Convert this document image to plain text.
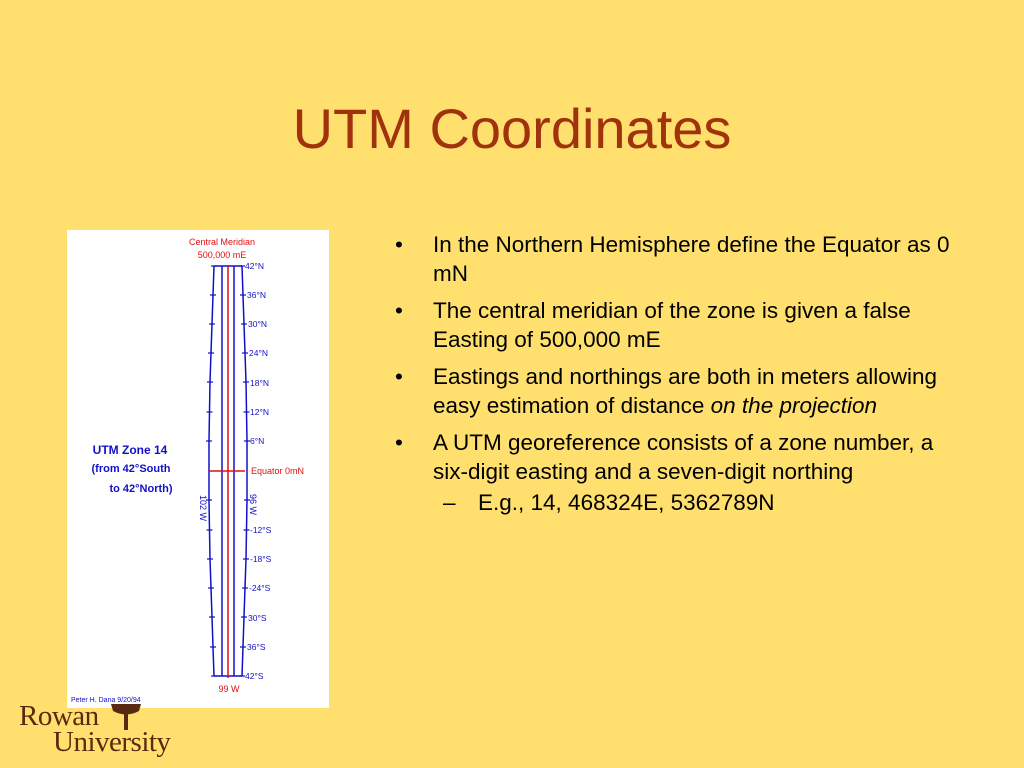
UTM Coordinates
Central Meridian
500,000 mE
Equator 0mN
42°N
36°N
30°N
24°N
18°N
12°N
6°N
-12°S
-18°S
-24°S
30°S
36°S
42°S
UTM Zone 14
(from 42°South
to 42°North)
102 W	96 W
99 W
Peter H. Dana 9/20/94
• In the Northern Hemisphere define the Equator as 0 mN
• The central meridian of the zone is given a false Easting of 500,000 mE
• Eastings and northings are both in meters allowing easy estimation of distance on the projection
• A UTM georeference consists of a zone number, a six-digit easting and a seven-digit northing
– E.g., 14, 468324E, 5362789N
Rowan
University
